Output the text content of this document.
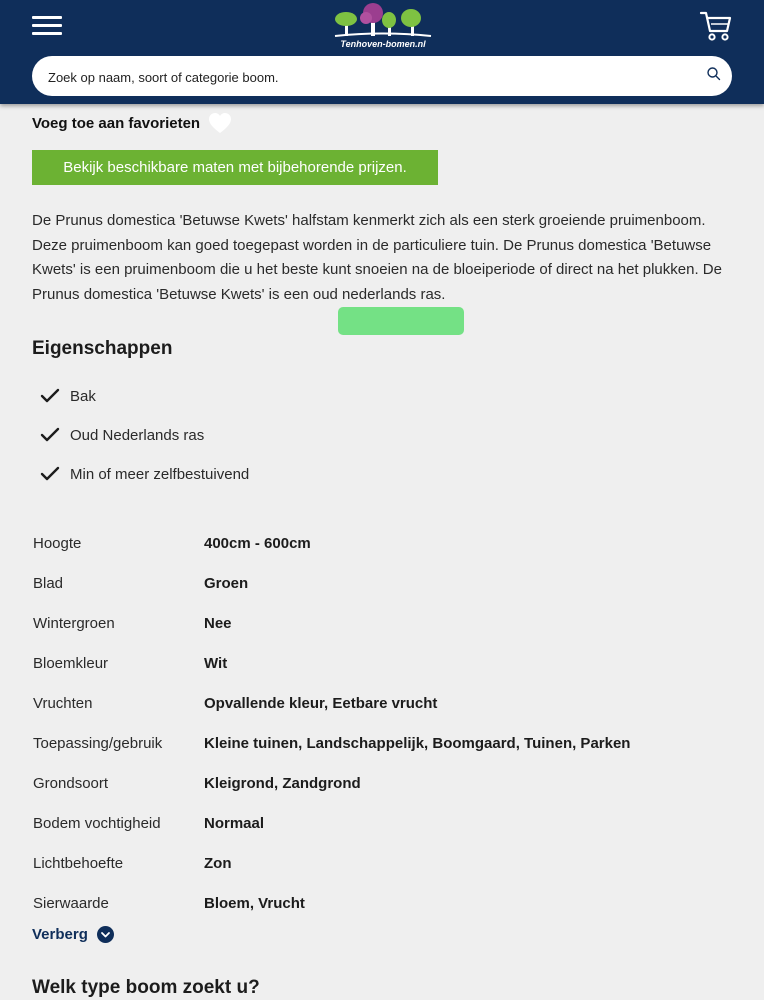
Tenhoven-bomen.nl
Zoek op naam, soort of categorie boom.
Voeg toe aan favorieten
Bekijk beschikbare maten met bijbehorende prijzen.

De Prunus domestica 'Betuwse Kwets' halfstam kenmerkt zich als een sterk groeiende pruimenboom. Deze pruimenboom kan goed toegepast worden in de particuliere tuin. De Prunus domestica 'Betuwse Kwets' is een pruimenboom die u het beste kunt snoeien na de bloeiperiode of direct na het plukken. De Prunus domestica 'Betuwse Kwets' is een oud nederlands ras.

Eigenschappen
Bak
Oud Nederlands ras
Min of meer zelfbestuivend
Hoogte	400cm - 600cm
Blad	Groen
Wintergroen	Nee
Bloemkleur	Wit
Vruchten	Opvallende kleur, Eetbare vrucht
Toepassing/gebruik	Kleine tuinen, Landschappelijk, Boomgaard, Tuinen, Parken
Grondsoort	Kleigrond, Zandgrond
Bodem vochtigheid	Normaal
Lichtbehoefte	Zon
Sierwaarde	Bloem, Vrucht
Verberg
Welk type boom zoekt u?
